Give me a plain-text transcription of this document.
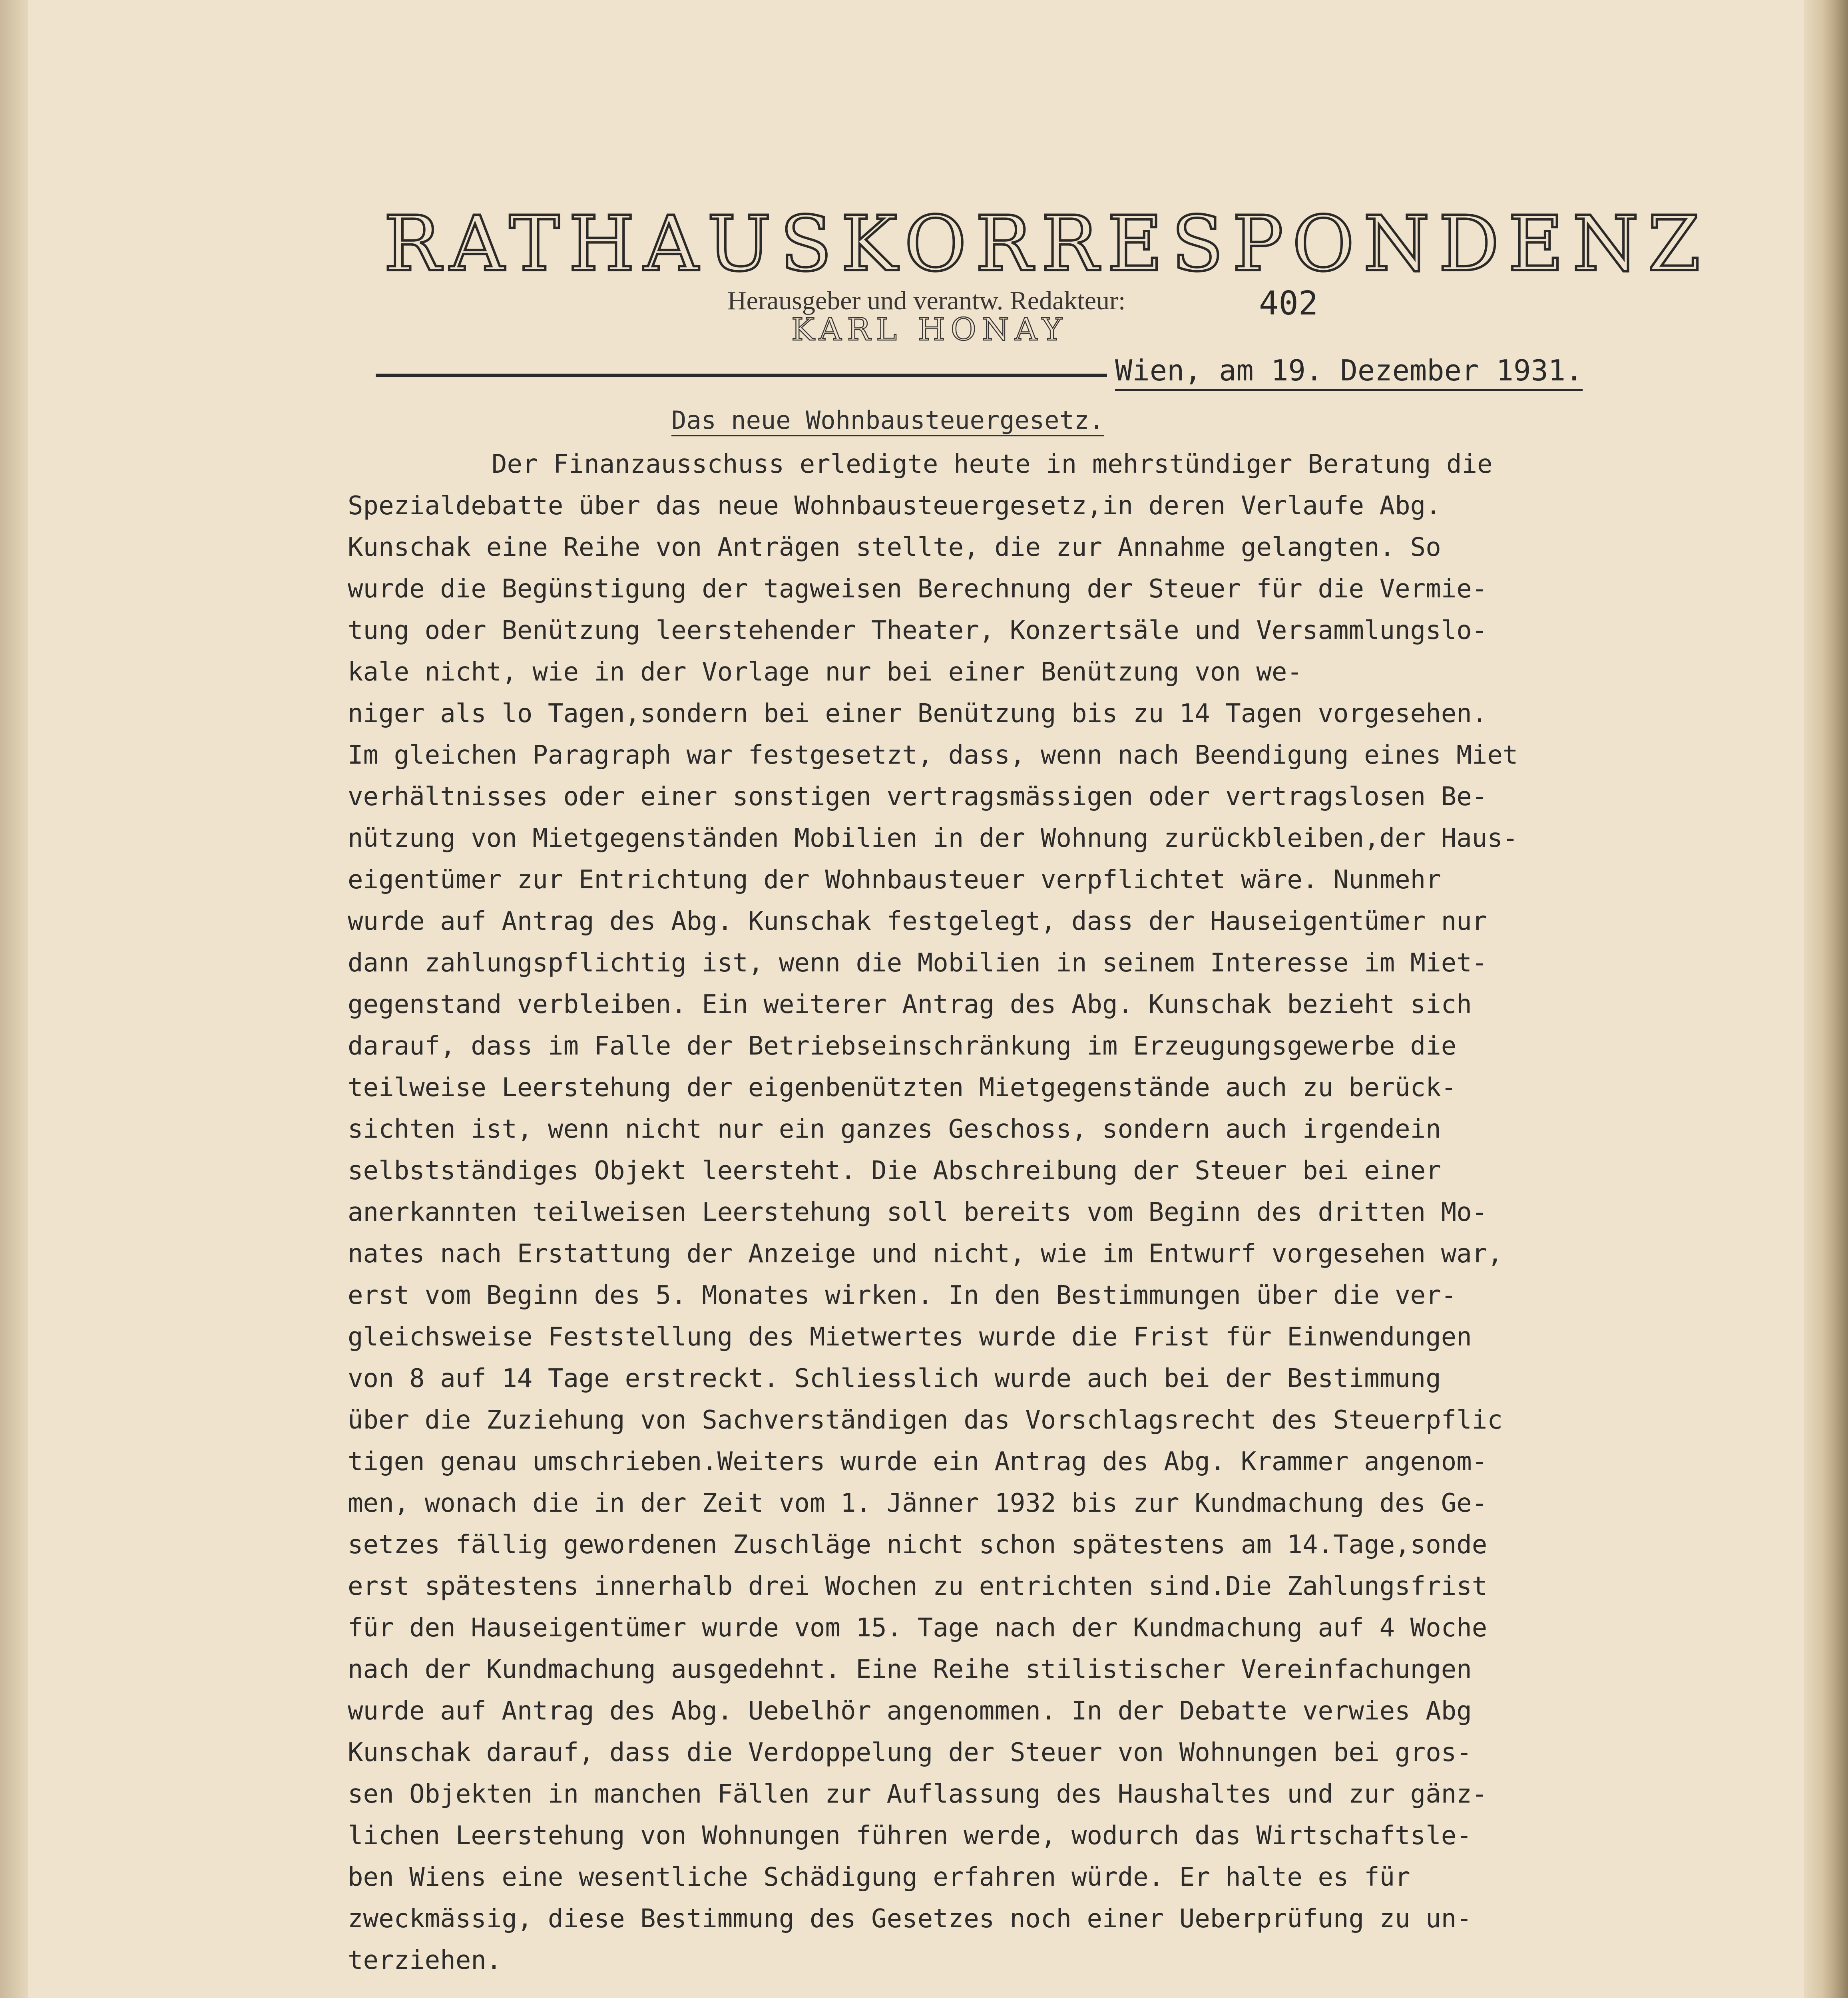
RATHAUSKORRESPONDENZ
Herausgeber und verantw. Redakteur:
KARL HONAY
402
Wien, am 19. Dezember 1931.
Das neue Wohnbausteuergesetz.
Der Finanzausschuss erledigte heute in mehrstündiger Beratung die
Spezialdebatte über das neue Wohnbausteuergesetz,in deren Verlaufe Abg.
Kunschak eine Reihe von Anträgen stellte, die zur Annahme gelangten. So
wurde die Begünstigung der tagweisen Berechnung der Steuer für die Vermie-
tung oder Benützung leerstehender Theater, Konzertsäle und Versammlungslo-
kale nicht, wie in der Vorlage nur bei einer Benützung von we-
niger als lo Tagen,sondern bei einer Benützung bis zu 14 Tagen vorgesehen.
Im gleichen Paragraph war festgesetzt, dass, wenn nach Beendigung eines Miet
verhältnisses oder einer sonstigen vertragsmässigen oder vertragslosen Be-
nützung von Mietgegenständen Mobilien in der Wohnung zurückbleiben,der Haus-
eigentümer zur Entrichtung der Wohnbausteuer verpflichtet wäre. Nunmehr
wurde auf Antrag des Abg. Kunschak festgelegt, dass der Hauseigentümer nur
dann zahlungspflichtig ist, wenn die Mobilien in seinem Interesse im Miet-
gegenstand verbleiben. Ein weiterer Antrag des Abg. Kunschak bezieht sich
darauf, dass im Falle der Betriebseinschränkung im Erzeugungsgewerbe die
teilweise Leerstehung der eigenbenützten Mietgegenstände auch zu berück-
sichten ist, wenn nicht nur ein ganzes Geschoss, sondern auch irgendein
selbstständiges Objekt leersteht. Die Abschreibung der Steuer bei einer
anerkannten teilweisen Leerstehung soll bereits vom Beginn des dritten Mo-
nates nach Erstattung der Anzeige und nicht, wie im Entwurf vorgesehen war,
erst vom Beginn des 5. Monates wirken. In den Bestimmungen über die ver-
gleichsweise Feststellung des Mietwertes wurde die Frist für Einwendungen
von 8 auf 14 Tage erstreckt. Schliesslich wurde auch bei der Bestimmung
über die Zuziehung von Sachverständigen das Vorschlagsrecht des Steuerpflic
tigen genau umschrieben.Weiters wurde ein Antrag des Abg. Krammer angenom-
men, wonach die in der Zeit vom 1. Jänner 1932 bis zur Kundmachung des Ge-
setzes fällig gewordenen Zuschläge nicht schon spätestens am 14.Tage,sonde
erst spätestens innerhalb drei Wochen zu entrichten sind.Die Zahlungsfrist
für den Hauseigentümer wurde vom 15. Tage nach der Kundmachung auf 4 Woche
nach der Kundmachung ausgedehnt. Eine Reihe stilistischer Vereinfachungen
wurde auf Antrag des Abg. Uebelhör angenommen. In der Debatte verwies Abg
Kunschak darauf, dass die Verdoppelung der Steuer von Wohnungen bei gros-
sen Objekten in manchen Fällen zur Auflassung des Haushaltes und zur gänz-
lichen Leerstehung von Wohnungen führen werde, wodurch das Wirtschaftsle-
ben Wiens eine wesentliche Schädigung erfahren würde. Er halte es für
zweckmässig, diese Bestimmung des Gesetzes noch einer Ueberprüfung zu un-
terziehen.
